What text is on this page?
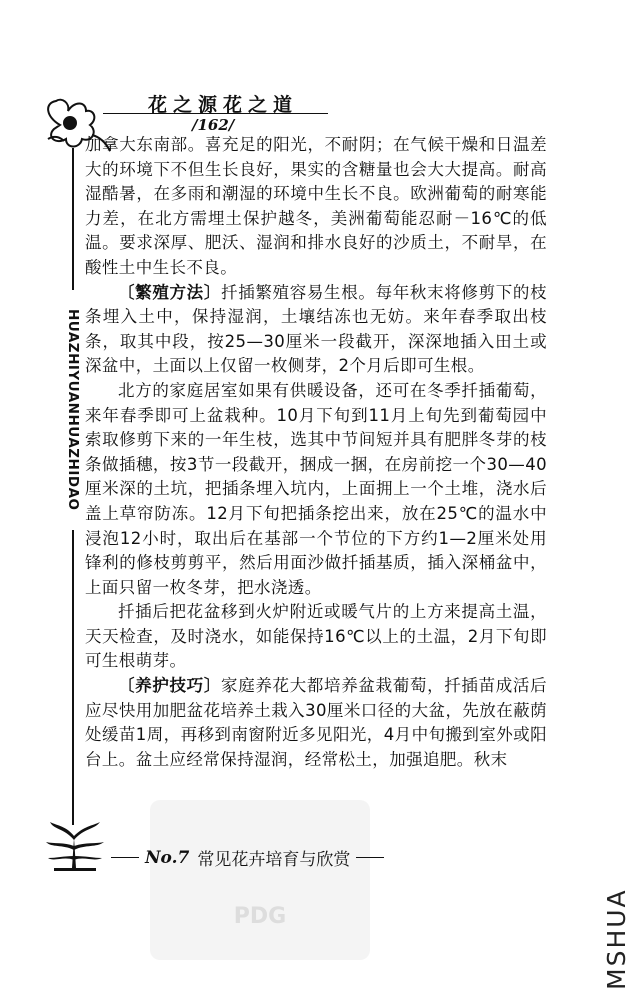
花之源花之道
/162/
HUAZHIYUANHUAZHIDAO

加拿大东南部。喜充足的阳光，不耐阴；在气候干燥和日温差大的环境下不但生长良好，果实的含糖量也会大大提高。耐高湿酷暑，在多雨和潮湿的环境中生长不良。欧洲葡萄的耐寒能力差，在北方需埋土保护越冬，美洲葡萄能忍耐－16℃的低温。要求深厚、肥沃、湿润和排水良好的沙质土，不耐旱，在酸性土中生长不良。

〔繁殖方法〕扦插繁殖容易生根。每年秋末将修剪下的枝条埋入土中，保持湿润，土壤结冻也无妨。来年春季取出枝条，取其中段，按25—30厘米一段截开，深深地插入田土或深盆中，土面以上仅留一枚侧芽，2个月后即可生根。

北方的家庭居室如果有供暖设备，还可在冬季扦插葡萄，来年春季即可上盆栽种。10月下旬到11月上旬先到葡萄园中索取修剪下来的一年生枝，选其中节间短并具有肥胖冬芽的枝条做插穗，按3节一段截开，捆成一捆，在房前挖一个30—40厘米深的土坑，把插条埋入坑内，上面拥上一个土堆，浇水后盖上草帘防冻。12月下旬把插条挖出来，放在25℃的温水中浸泡12小时，取出后在基部一个节位的下方约1—2厘米处用锋利的修枝剪剪平，然后用面沙做扦插基质，插入深桶盆中，上面只留一枚冬芽，把水浇透。

扦插后把花盆移到火炉附近或暖气片的上方来提高土温，天天检查，及时浇水，如能保持16℃以上的土温，2月下旬即可生根萌芽。

〔养护技巧〕家庭养花大都培养盆栽葡萄，扦插苗成活后应尽快用加肥盆花培养土栽入30厘米口径的大盆，先放在蔽荫处缓苗1周，再移到南窗附近多见阳光，4月中旬搬到室外或阳台上。盆土应经常保持湿润，经常松土，加强追肥。秋末

PDG
No.7 常见花卉培育与欣赏
MSHUA
